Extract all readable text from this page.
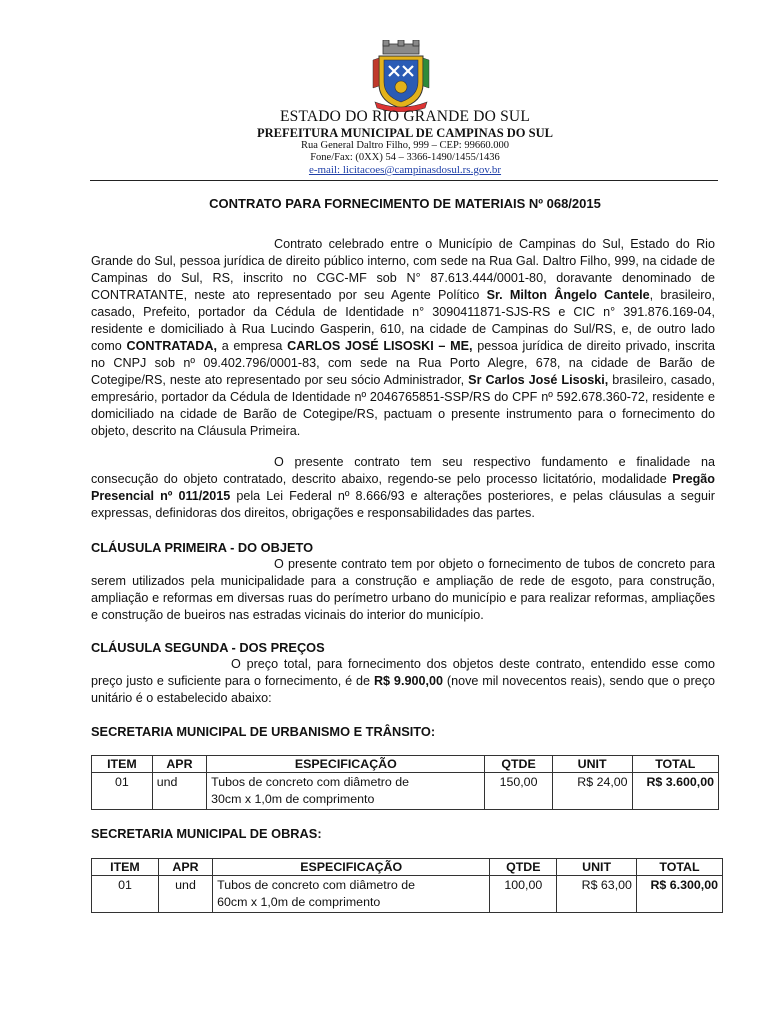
ESTADO DO RIO GRANDE DO SUL
PREFEITURA MUNICIPAL DE CAMPINAS DO SUL
Rua General Daltro Filho, 999 – CEP: 99660.000
Fone/Fax: (0XX) 54 – 3366-1490/1455/1436
e-mail: licitacoes@campinasdosul.rs.gov.br
CONTRATO PARA FORNECIMENTO DE MATERIAIS Nº 068/2015
Contrato celebrado entre o Município de Campinas do Sul, Estado do Rio Grande do Sul, pessoa jurídica de direito público interno, com sede na Rua Gal. Daltro Filho, 999, na cidade de Campinas do Sul, RS, inscrito no CGC-MF sob N° 87.613.444/0001-80, doravante denominado de CONTRATANTE, neste ato representado por seu Agente Político Sr. Milton Ângelo Cantele, brasileiro, casado, Prefeito, portador da Cédula de Identidade n° 3090411871-SJS-RS e CIC n° 391.876.169-04, residente e domiciliado à Rua Lucindo Gasperin, 610, na cidade de Campinas do Sul/RS, e, de outro lado como CONTRATADA, a empresa CARLOS JOSÉ LISOSKI – ME, pessoa jurídica de direito privado, inscrita no CNPJ sob nº 09.402.796/0001-83, com sede na Rua Porto Alegre, 678, na cidade de Barão de Cotegipe/RS, neste ato representado por seu sócio Administrador, Sr Carlos José Lisoski, brasileiro, casado, empresário, portador da Cédula de Identidade nº 2046765851-SSP/RS do CPF nº 592.678.360-72, residente e domiciliado na cidade de Barão de Cotegipe/RS, pactuam o presente instrumento para o fornecimento do objeto, descrito na Cláusula Primeira.
O presente contrato tem seu respectivo fundamento e finalidade na consecução do objeto contratado, descrito abaixo, regendo-se pelo processo licitatório, modalidade Pregão Presencial nº 011/2015 pela Lei Federal nº 8.666/93 e alterações posteriores, e pelas cláusulas a seguir expressas, definidoras dos direitos, obrigações e responsabilidades das partes.
CLÁUSULA PRIMEIRA - DO OBJETO
O presente contrato tem por objeto o fornecimento de tubos de concreto para serem utilizados pela municipalidade para a construção e ampliação de rede de esgoto, para construção, ampliação e reformas em diversas ruas do perímetro urbano do município e para realizar reformas, ampliações e construção de bueiros nas estradas vicinais do interior do município.
CLÁUSULA SEGUNDA - DOS PREÇOS
O preço total, para fornecimento dos objetos deste contrato, entendido esse como preço justo e suficiente para o fornecimento, é de R$ 9.900,00 (nove mil novecentos reais), sendo que o preço unitário é o estabelecido abaixo:
SECRETARIA MUNICIPAL DE URBANISMO E TRÂNSITO:
ITEM	APR	ESPECIFICAÇÃO	QTDE	UNIT	TOTAL
01	und	Tubos de concreto com diâmetro de
30cm x 1,0m de comprimento	150,00	R$ 24,00	R$ 3.600,00
SECRETARIA MUNICIPAL DE OBRAS:
ITEM	APR	ESPECIFICAÇÃO	QTDE	UNIT	TOTAL
01	und	Tubos de concreto com diâmetro de
60cm x 1,0m de comprimento	100,00	R$ 63,00	R$ 6.300,00
